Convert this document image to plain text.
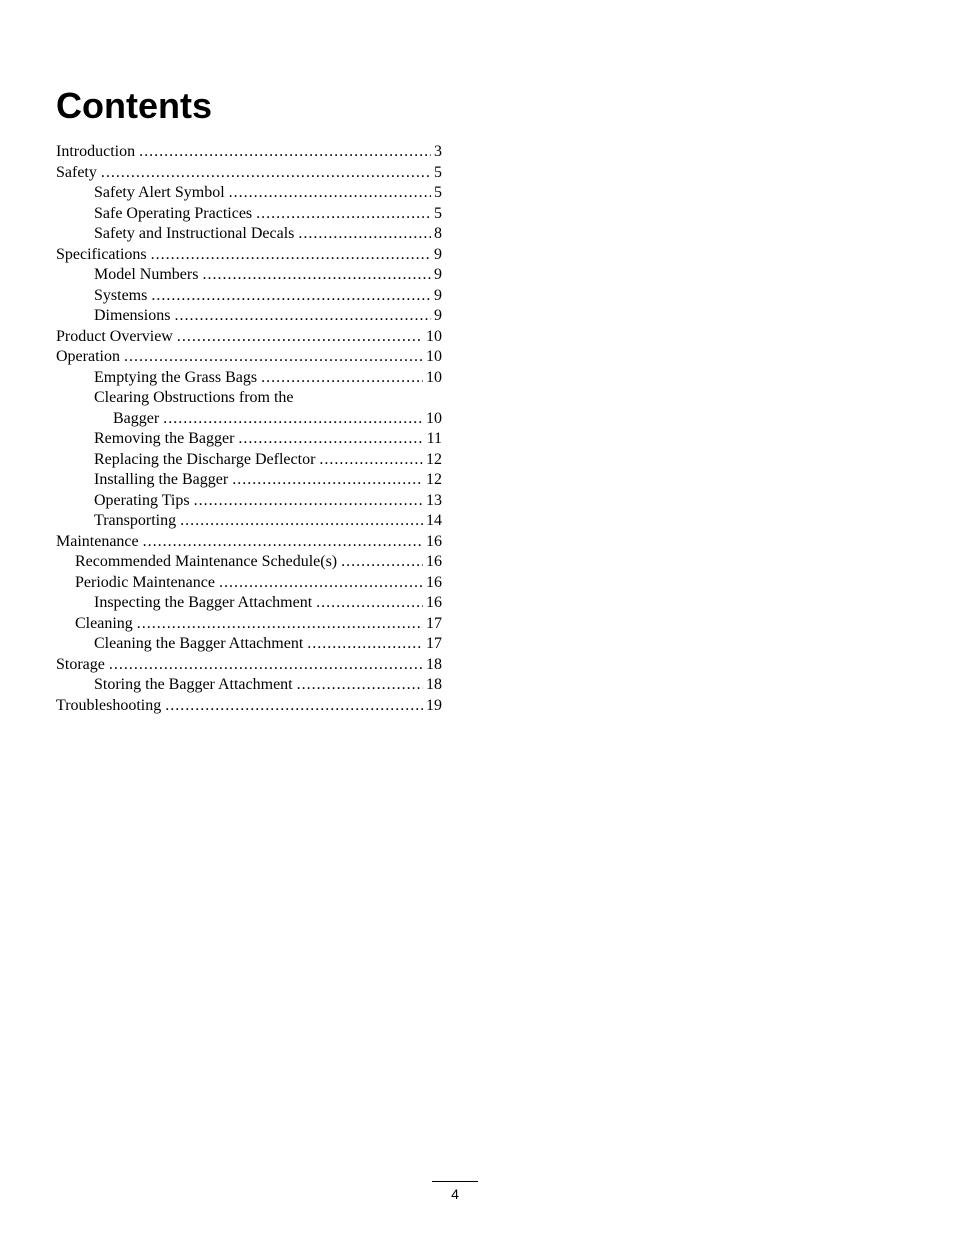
Contents
Introduction .....	3
Safety .....	5
Safety Alert Symbol .....	5
Safe Operating Practices .....	5
Safety and Instructional Decals .....	8
Specifications .....	9
Model Numbers .....	9
Systems .....	9
Dimensions .....	9
Product Overview .....	10
Operation .....	10
Emptying the Grass Bags .....	10
Clearing Obstructions from the
Bagger .....	10
Removing the Bagger .....	11
Replacing the Discharge Deflector .....	12
Installing the Bagger .....	12
Operating Tips .....	13
Transporting .....	14
Maintenance .....	16
Recommended Maintenance Schedule(s) .....	16
Periodic Maintenance .....	16
Inspecting the Bagger Attachment .....	16
Cleaning .....	17
Cleaning the Bagger Attachment .....	17
Storage .....	18
Storing the Bagger Attachment .....	18
Troubleshooting .....	19
4
